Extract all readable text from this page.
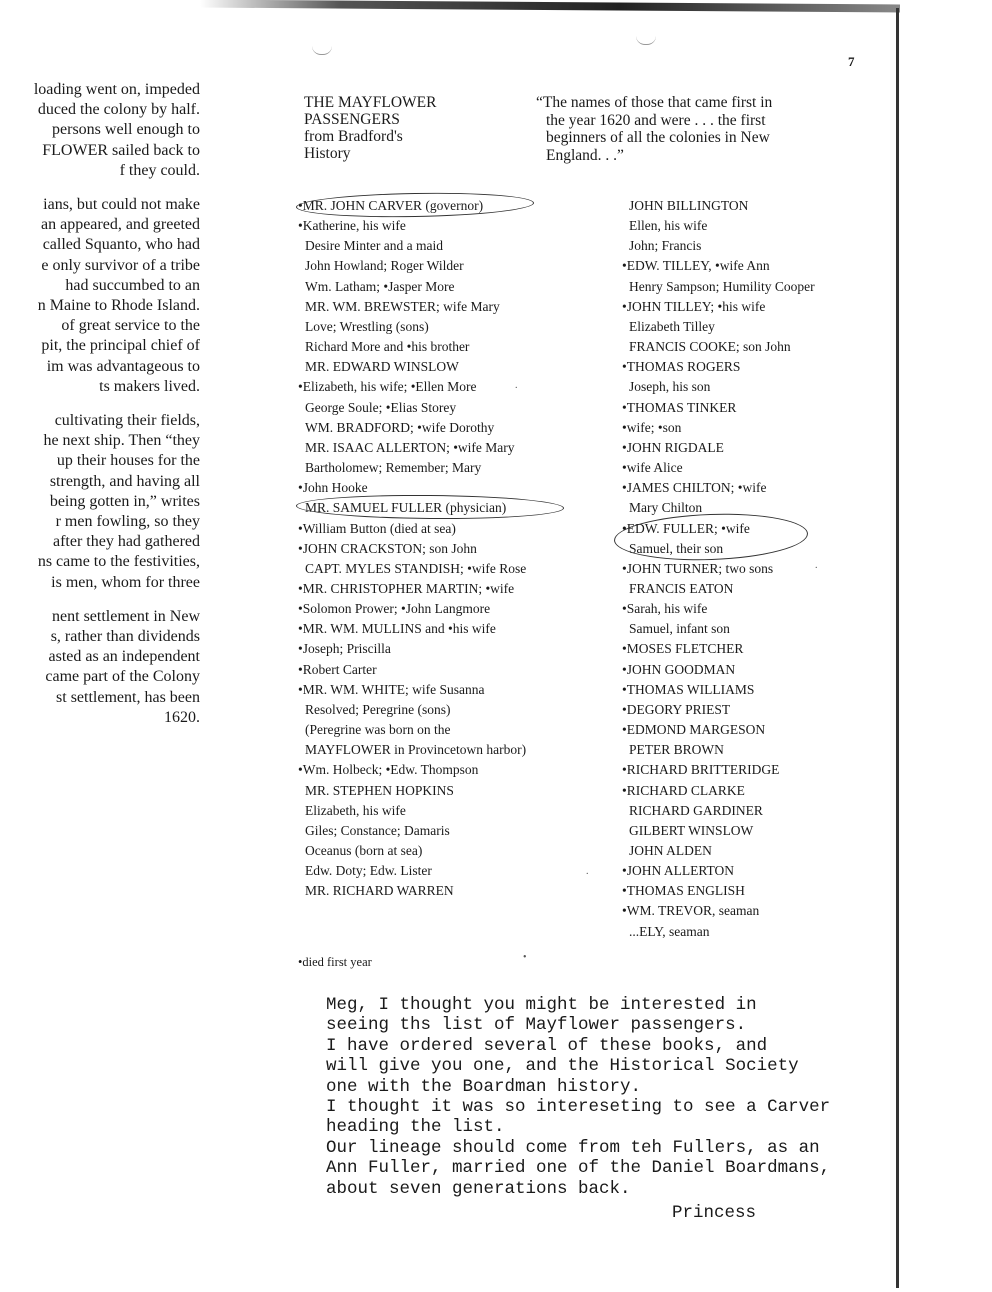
7
loading went on, impeded
duced the colony by half.
persons well enough to
FLOWER sailed back to
f they could.
ians, but could not make
an appeared, and greeted
called Squanto, who had
e only survivor of a tribe
had succumbed to an
n Maine to Rhode Island.
of great service to the
pit, the principal chief of
im was advantageous to
ts makers lived.
cultivating their fields,
he next ship. Then “they
up their houses for the
strength, and having all
being gotten in,” writes
r men fowling, so they
after they had gathered
ns came to the festivities,
is men, whom for three
nent settlement in New
s, rather than dividends
asted as an independent
came part of the Colony
st settlement, has been
1620.
THE MAYFLOWER
PASSENGERS
from Bradford's
History
“The names of those that came first in
the year 1620 and were . . . the first
beginners of all the colonies in New
England. . .”
•MR. JOHN CARVER (governor)
•Katherine, his wife
Desire Minter and a maid
John Howland; Roger Wilder
Wm. Latham; •Jasper More
MR. WM. BREWSTER; wife Mary
Love; Wrestling (sons)
Richard More and •his brother
MR. EDWARD WINSLOW
•Elizabeth, his wife; •Ellen More
George Soule; •Elias Storey
WM. BRADFORD; •wife Dorothy
MR. ISAAC ALLERTON; •wife Mary
Bartholomew; Remember; Mary
•John Hooke
MR. SAMUEL FULLER (physician)
•William Button (died at sea)
•JOHN CRACKSTON; son John
CAPT. MYLES STANDISH; •wife Rose
•MR. CHRISTOPHER MARTIN; •wife
•Solomon Prower; •John Langmore
•MR. WM. MULLINS and •his wife
•Joseph; Priscilla
•Robert Carter
•MR. WM. WHITE; wife Susanna
Resolved; Peregrine (sons)
(Peregrine was born on the
MAYFLOWER in Provincetown harbor)
•Wm. Holbeck; •Edw. Thompson
MR. STEPHEN HOPKINS
Elizabeth, his wife
Giles; Constance; Damaris
Oceanus (born at sea)
Edw. Doty; Edw. Lister
MR. RICHARD WARREN
JOHN BILLINGTON
Ellen, his wife
John; Francis
•EDW. TILLEY, •wife Ann
Henry Sampson; Humility Cooper
•JOHN TILLEY; •his wife
Elizabeth Tilley
FRANCIS COOKE; son John
•THOMAS ROGERS
Joseph, his son
•THOMAS TINKER
•wife; •son
•JOHN RIGDALE
•wife Alice
•JAMES CHILTON; •wife
Mary Chilton
•EDW. FULLER; •wife
Samuel, their son
•JOHN TURNER; two sons
FRANCIS EATON
•Sarah, his wife
Samuel, infant son
•MOSES FLETCHER
•JOHN GOODMAN
•THOMAS WILLIAMS
•DEGORY PRIEST
•EDMOND MARGESON
PETER BROWN
•RICHARD BRITTERIDGE
•RICHARD CLARKE
RICHARD GARDINER
GILBERT WINSLOW
JOHN ALDEN
•JOHN ALLERTON
•THOMAS ENGLISH
•WM. TREVOR, seaman
...ELY, seaman
.
.
.
•
•died first year
Meg, I thought you might be interested in
seeing ths list of Mayflower passengers.
I have ordered several of these books, and
will give you one, and the Historical Society
one with the Boardman history.
I thought it was so intereseting to see a Carver
heading the list.
Our lineage should come from teh Fullers, as an
Ann Fuller, married one of the Daniel Boardmans,
about seven generations back.
Princess
